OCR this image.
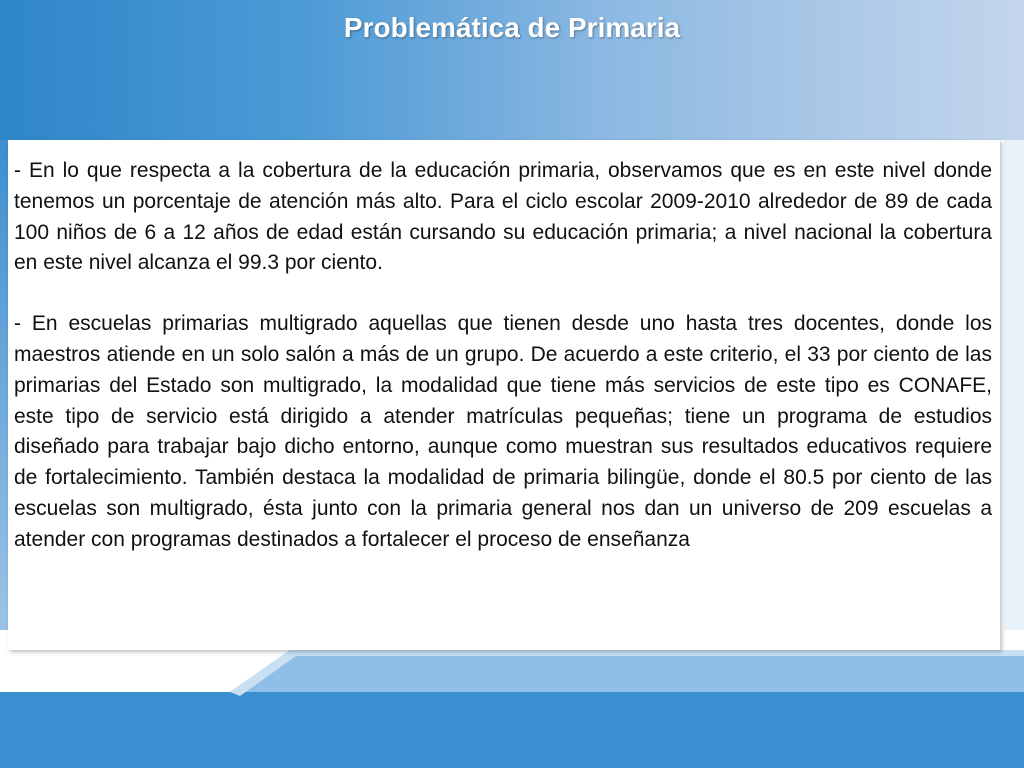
Problemática de Primaria

- En lo que respecta a la cobertura de la educación primaria, observamos que es en este nivel donde tenemos un porcentaje de atención más alto. Para el ciclo escolar 2009-2010 alrededor de 89 de cada 100 niños de 6 a 12 años de edad están cursando su educación primaria; a nivel nacional la cobertura en este nivel alcanza el 99.3 por ciento.

- En escuelas primarias multigrado aquellas que tienen desde uno hasta tres docentes, donde los maestros atiende en un solo salón a más de un grupo. De acuerdo a este criterio, el 33 por ciento de las primarias del Estado son multigrado, la modalidad que tiene más servicios de este tipo es CONAFE, este tipo de servicio está dirigido a atender matrículas pequeñas; tiene un programa de estudios diseñado para trabajar bajo dicho entorno, aunque como muestran sus resultados educativos requiere de fortalecimiento. También destaca la modalidad de primaria bilingüe, donde el 80.5 por ciento de las escuelas son multigrado, ésta junto con la primaria general nos dan un universo de 209 escuelas a atender con programas destinados a fortalecer el proceso de enseñanza
